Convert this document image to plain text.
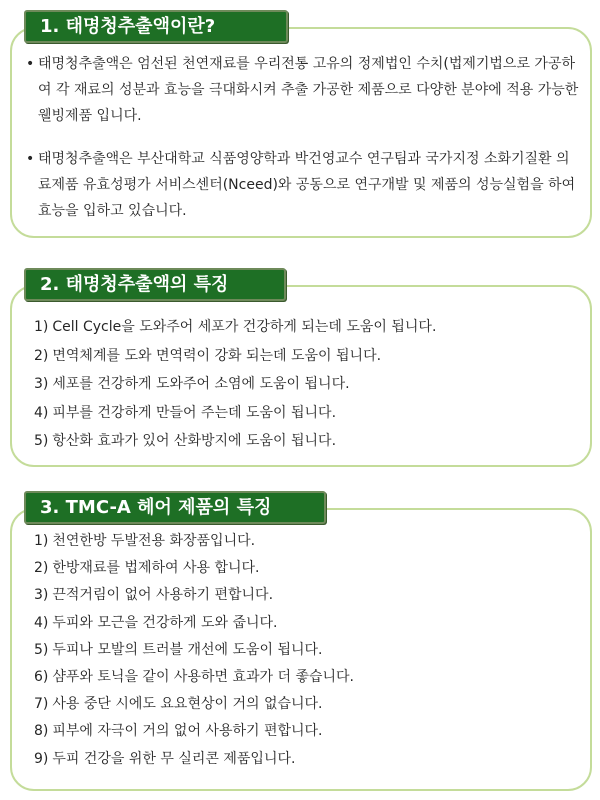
1. 태명청추출액이란?
• 태명청추출액은 엄선된 천연재료를 우리전통 고유의 정제법인 수치(법제기법으로 가공하여 각 재료의 성분과 효능을 극대화시켜 추출 가공한 제품으로 다양한 분야에 적용 가능한 웰빙제품 입니다.
• 태명청추출액은 부산대학교 식품영양학과 박건영교수 연구팀과 국가지정 소화기질환 의료제품 유효성평가 서비스센터(Nceed)와 공동으로 연구개발 및 제품의 성능실험을 하여 효능을 입하고 있습니다.
2. 태명청추출액의 특징
1) Cell Cycle을 도와주어 세포가 건강하게 되는데 도움이 됩니다.
2) 면역체계를 도와 면역력이 강화 되는데 도움이 됩니다.
3) 세포를 건강하게 도와주어 소염에 도움이 됩니다.
4) 피부를 건강하게 만들어 주는데 도움이 됩니다.
5) 항산화 효과가 있어 산화방지에 도움이 됩니다.
3. TMC-A 헤어 제품의 특징
1) 천연한방 두발전용 화장품입니다.
2) 한방재료를 법제하여 사용 합니다.
3) 끈적거림이 없어 사용하기 편합니다.
4) 두피와 모근을 건강하게 도와 줍니다.
5) 두피나 모발의 트러블 개선에 도움이 됩니다.
6) 샴푸와 토닉을 같이 사용하면 효과가 더 좋습니다.
7) 사용 중단 시에도 요요현상이 거의 없습니다.
8) 피부에 자극이 거의 없어 사용하기 편합니다.
9) 두피 건강을 위한 무 실리콘 제품입니다.
